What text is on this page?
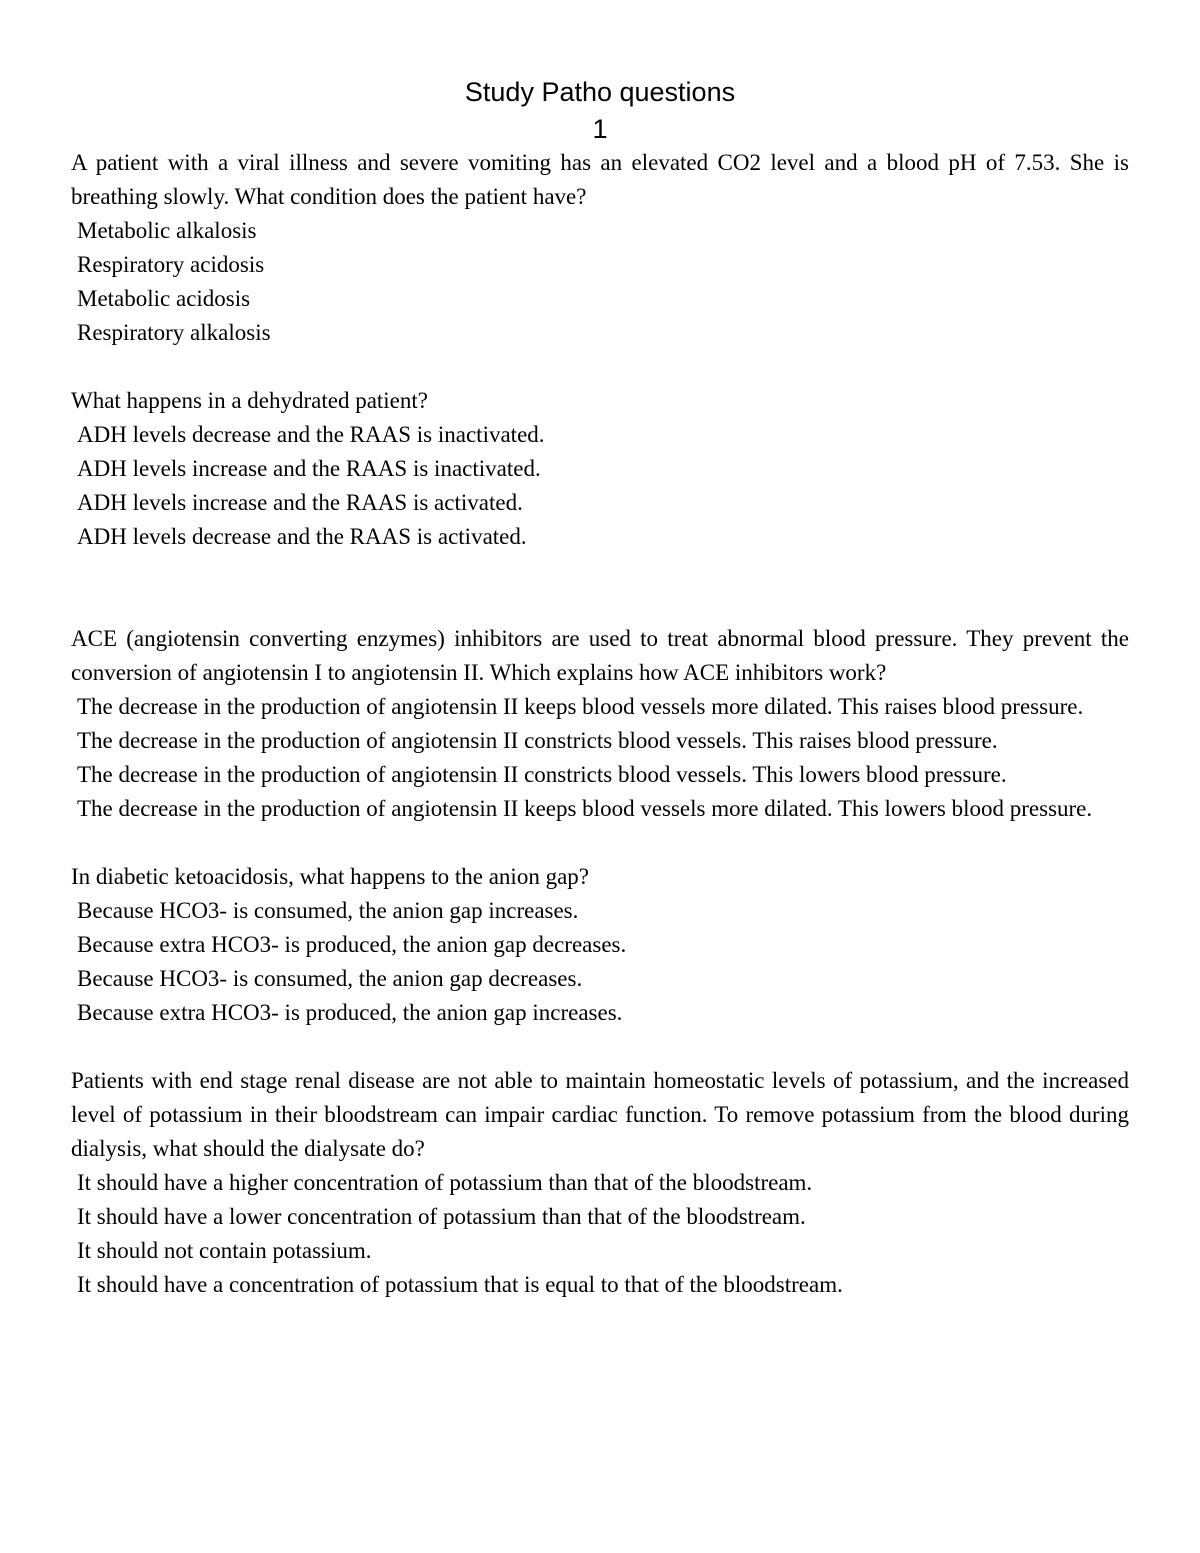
Study Patho questions
1
A patient with a viral illness and severe vomiting has an elevated CO2 level and a blood pH of 7.53. She is breathing slowly. What condition does the patient have?
Metabolic alkalosis
Respiratory acidosis
Metabolic acidosis
Respiratory alkalosis
What happens in a dehydrated patient?
ADH levels decrease and the RAAS is inactivated.
ADH levels increase and the RAAS is inactivated.
ADH levels increase and the RAAS is activated.
ADH levels decrease and the RAAS is activated.
ACE (angiotensin converting enzymes) inhibitors are used to treat abnormal blood pressure. They prevent the conversion of angiotensin I to angiotensin II. Which explains how ACE inhibitors work?
The decrease in the production of angiotensin II keeps blood vessels more dilated. This raises blood pressure.
The decrease in the production of angiotensin II constricts blood vessels. This raises blood pressure.
The decrease in the production of angiotensin II constricts blood vessels. This lowers blood pressure.
The decrease in the production of angiotensin II keeps blood vessels more dilated. This lowers blood pressure.
In diabetic ketoacidosis, what happens to the anion gap?
Because HCO3- is consumed, the anion gap increases.
Because extra HCO3- is produced, the anion gap decreases.
Because HCO3- is consumed, the anion gap decreases.
Because extra HCO3- is produced, the anion gap increases.
Patients with end stage renal disease are not able to maintain homeostatic levels of potassium, and the increased level of potassium in their bloodstream can impair cardiac function. To remove potassium from the blood during dialysis, what should the dialysate do?
It should have a higher concentration of potassium than that of the bloodstream.
It should have a lower concentration of potassium than that of the bloodstream.
It should not contain potassium.
It should have a concentration of potassium that is equal to that of the bloodstream.
